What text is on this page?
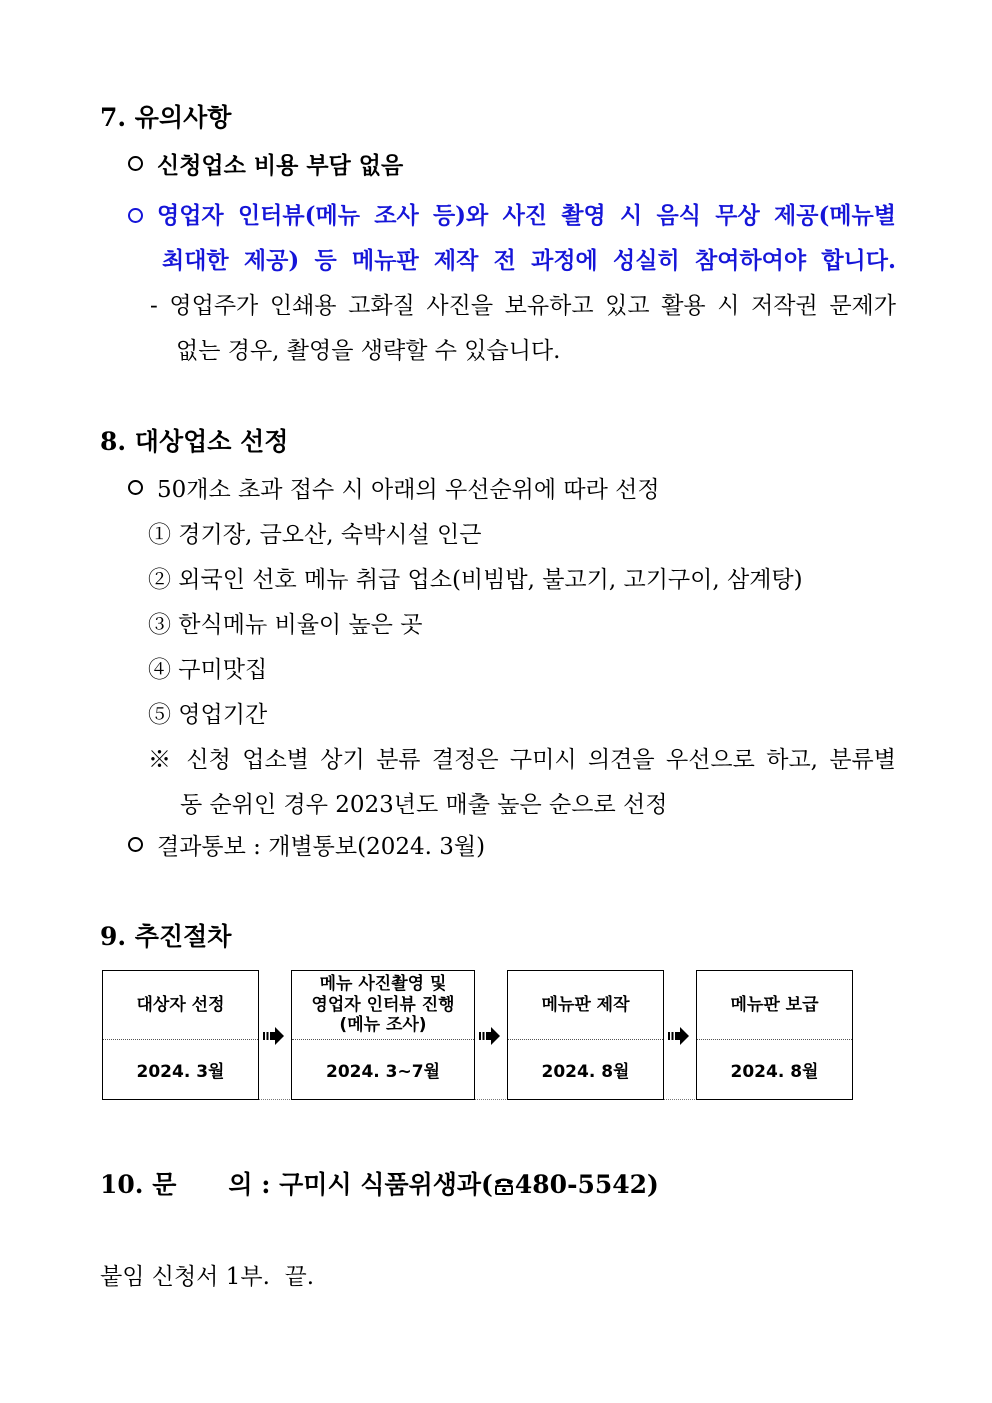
7. 유의사항
신청업소 비용 부담 없음
영업자 인터뷰(메뉴 조사 등)와 사진 촬영 시 음식 무상 제공(메뉴별
최대한 제공) 등 메뉴판 제작 전 과정에 성실히 참여하여야 합니다.
- 영업주가 인쇄용 고화질 사진을 보유하고 있고 활용 시 저작권 문제가
없는 경우, 촬영을 생략할 수 있습니다.
8. 대상업소 선정
50개소 초과 접수 시 아래의 우선순위에 따라 선정
① 경기장, 금오산, 숙박시설 인근
② 외국인 선호 메뉴 취급 업소(비빔밥, 불고기, 고기구이, 삼계탕)
③ 한식메뉴 비율이 높은 곳
④ 구미맛집
⑤ 영업기간
※ 신청 업소별 상기 분류 결정은 구미시 의견을 우선으로 하고, 분류별
동 순위인 경우 2023년도 매출 높은 순으로 선정
결과통보 : 개별통보(2024. 3월)
9. 추진절차
대상자 선정
2024. 3월
메뉴 사진촬영 및
영업자 인터뷰 진행
(메뉴 조사)
2024. 3~7월
메뉴판 제작
2024. 8월
메뉴판 보급
2024. 8월
10. 문 의 : 구미시 식품위생과( 480-5542)
붙임 신청서 1부.  끝.
